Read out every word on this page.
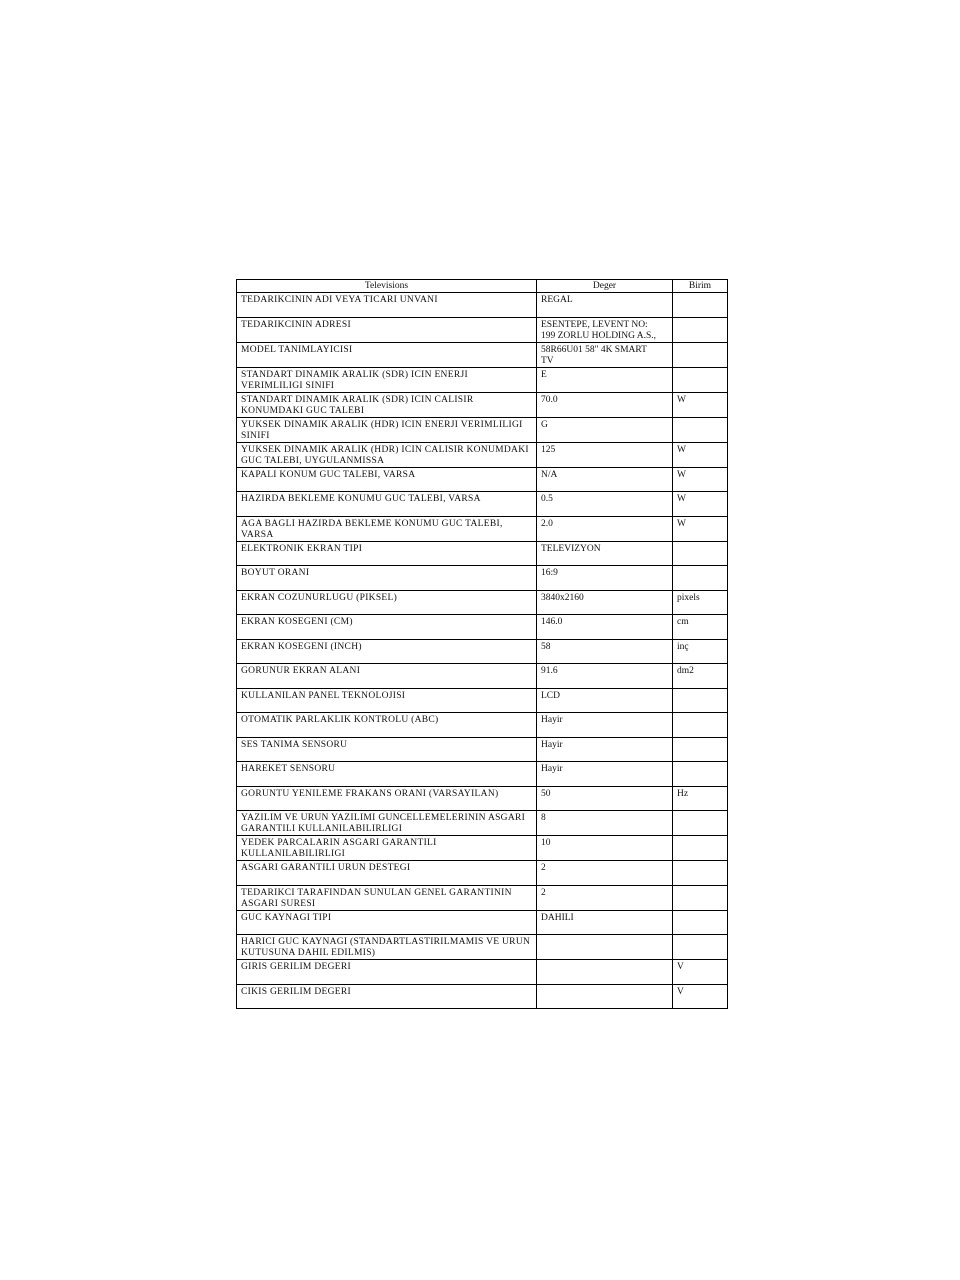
Televisions	Deger	Birim

TEDARIKCININ ADI VEYA TICARI UNVANI	REGAL	

TEDARIKCININ ADRESI	ESENTEPE, LEVENT NO:
199 ZORLU HOLDING A.S.,	

MODEL TANIMLAYICISI	58R66U01 58" 4K SMART
TV	

STANDART DINAMIK ARALIK (SDR) ICIN ENERJI
VERIMLILIGI SINIFI	E	

STANDART DINAMIK ARALIK (SDR) ICIN CALISIR
KONUMDAKI GUC TALEBI	70.0	W

YUKSEK DINAMIK ARALIK (HDR) ICIN ENERJI VERIMLILIGI
SINIFI	G	

YUKSEK DINAMIK ARALIK (HDR) ICIN CALISIR KONUMDAKI
GUC TALEBI, UYGULANMISSA	125	W

KAPALI KONUM GUC TALEBI, VARSA	N/A	W

HAZIRDA BEKLEME KONUMU GUC TALEBI, VARSA	0.5	W

AGA BAGLI HAZIRDA BEKLEME KONUMU GUC TALEBI,
VARSA	2.0	W

ELEKTRONIK EKRAN TIPI	TELEVIZYON	

BOYUT ORANI	16:9	

EKRAN COZUNURLUGU (PIKSEL)	3840x2160	pixels

EKRAN KOSEGENI (CM)	146.0	cm

EKRAN KOSEGENI (INCH)	58	inç

GORUNUR EKRAN ALANI	91.6	dm2

KULLANILAN PANEL TEKNOLOJISI	LCD	

OTOMATIK PARLAKLIK KONTROLU (ABC)	Hayir	

SES TANIMA SENSORU	Hayir	

HAREKET SENSORU	Hayir	

GORUNTU YENILEME FRAKANS ORANI (VARSAYILAN)	50	Hz

YAZILIM VE URUN YAZILIMI GUNCELLEMELERININ ASGARI
GARANTILI KULLANILABILIRLIGI	8	

YEDEK PARCALARIN ASGARI GARANTILI
KULLANILABILIRLIGI	10	

ASGARI GARANTILI URUN DESTEGI	2	

TEDARIKCI TARAFINDAN SUNULAN GENEL GARANTININ
ASGARI SURESI	2	

GUC KAYNAGI TIPI	DAHILI	

HARICI GUC KAYNAGI (STANDARTLASTIRILMAMIS VE URUN
KUTUSUNA DAHIL EDILMIS)		

GIRIS GERILIM DEGERI		V

CIKIS GERILIM DEGERI		V
